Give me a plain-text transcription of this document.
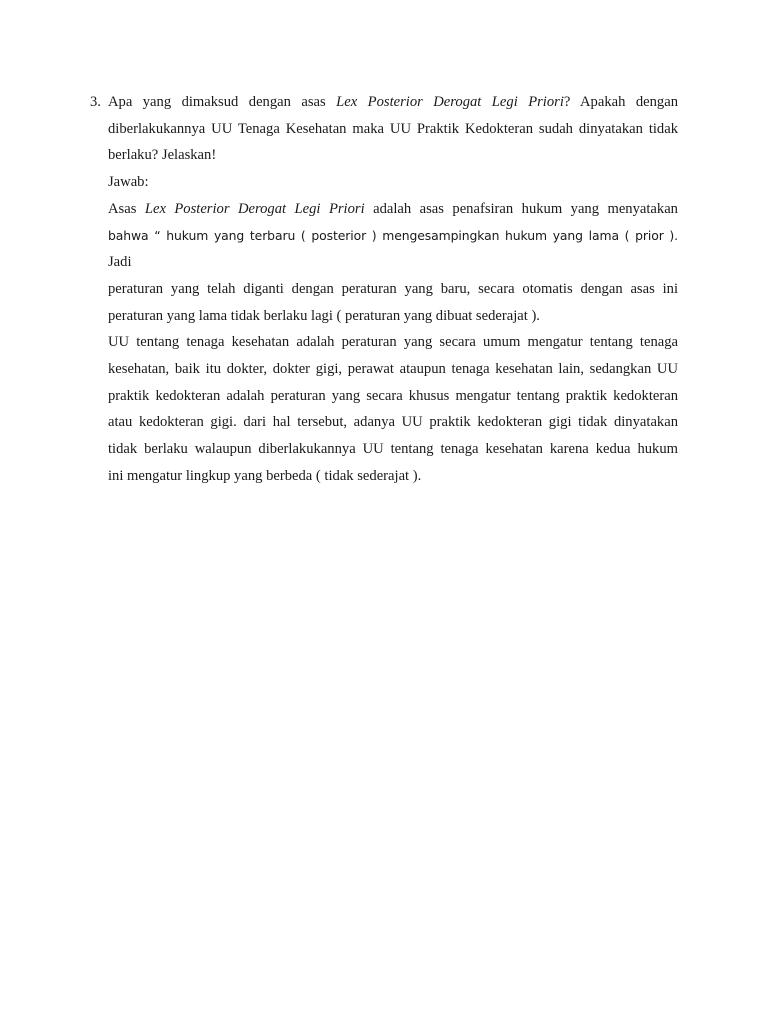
3. Apa yang dimaksud dengan asas Lex Posterior Derogat Legi Priori? Apakah dengan
diberlakukannya UU Tenaga Kesehatan maka UU Praktik Kedokteran sudah dinyatakan tidak
berlaku? Jelaskan!
Jawab:
Asas Lex Posterior Derogat Legi Priori adalah asas penafsiran hukum yang menyatakan
bahwa “ hukum yang terbaru ( posterior ) mengesampingkan hukum yang lama ( prior ). Jadi
peraturan yang telah diganti dengan peraturan yang baru, secara otomatis dengan asas ini
peraturan yang lama tidak berlaku lagi ( peraturan yang dibuat sederajat ).
UU tentang tenaga kesehatan adalah peraturan yang secara umum mengatur tentang tenaga
kesehatan, baik itu dokter, dokter gigi, perawat ataupun tenaga kesehatan lain, sedangkan UU
praktik kedokteran adalah peraturan yang secara khusus mengatur tentang praktik kedokteran
atau kedokteran gigi. dari hal tersebut, adanya UU praktik kedokteran gigi tidak dinyatakan
tidak berlaku walaupun diberlakukannya UU tentang tenaga kesehatan karena kedua hukum
ini mengatur lingkup yang berbeda ( tidak sederajat ).
